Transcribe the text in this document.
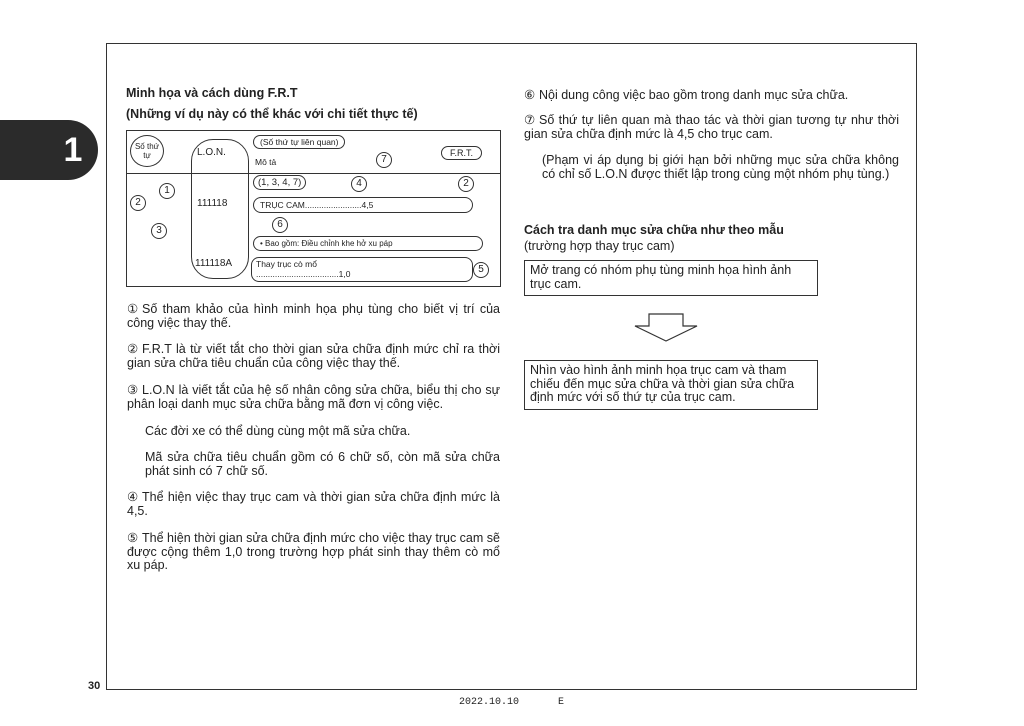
1
Minh họa và cách dùng F.R.T
(Những ví dụ này có thể khác với chi tiết thực tế)
Số thứ tự	L.O.N.
(Số thứ tự liên quan)
Mô tả
F.R.T.
(1, 3, 4, 7)
111118	TRỤC CAM........................4,5
• Bao gồm: Điều chỉnh khe hở xu páp
111118A	Thay trục cò mổ
...................................1,0
1
2
2
3
4
5
6
7
① Số tham khảo của hình minh họa phụ tùng cho biết vị trí của công việc thay thế.
② F.R.T là từ viết tắt cho thời gian sửa chữa định mức chỉ ra thời gian sửa chữa tiêu chuẩn của công việc thay thế.
③ L.O.N là viết tắt của hệ số nhân công sửa chữa, biểu thị cho sự phân loại danh mục sửa chữa bằng mã đơn vị công việc.
Các đời xe có thể dùng cùng một mã sửa chữa.
Mã sửa chữa tiêu chuẩn gồm có 6 chữ số, còn mã sửa chữa phát sinh có 7 chữ số.
④ Thể hiện việc thay trục cam và thời gian sửa chữa định mức là 4,5.
⑤ Thể hiện thời gian sửa chữa định mức cho việc thay trục cam sẽ được cộng thêm 1,0 trong trường hợp phát sinh thay thêm cò mổ xu páp.
⑥ Nội dung công việc bao gồm trong danh mục sửa chữa.
⑦ Số thứ tự liên quan mà thao tác và thời gian tương tự như thời gian sửa chữa định mức là 4,5 cho trục cam.
(Phạm vi áp dụng bị giới hạn bởi những mục sửa chữa không có chỉ số L.O.N được thiết lập trong cùng một nhóm phụ tùng.)
Cách tra danh mục sửa chữa như theo mẫu
(trường hợp thay trục cam)
Mở trang có nhóm phụ tùng minh họa hình ảnh trục cam.
Nhìn vào hình ảnh minh họa trục cam và tham chiếu đến mục sửa chữa và thời gian sửa chữa định mức với số thứ tự của trục cam.
30
2022.10.10	E
